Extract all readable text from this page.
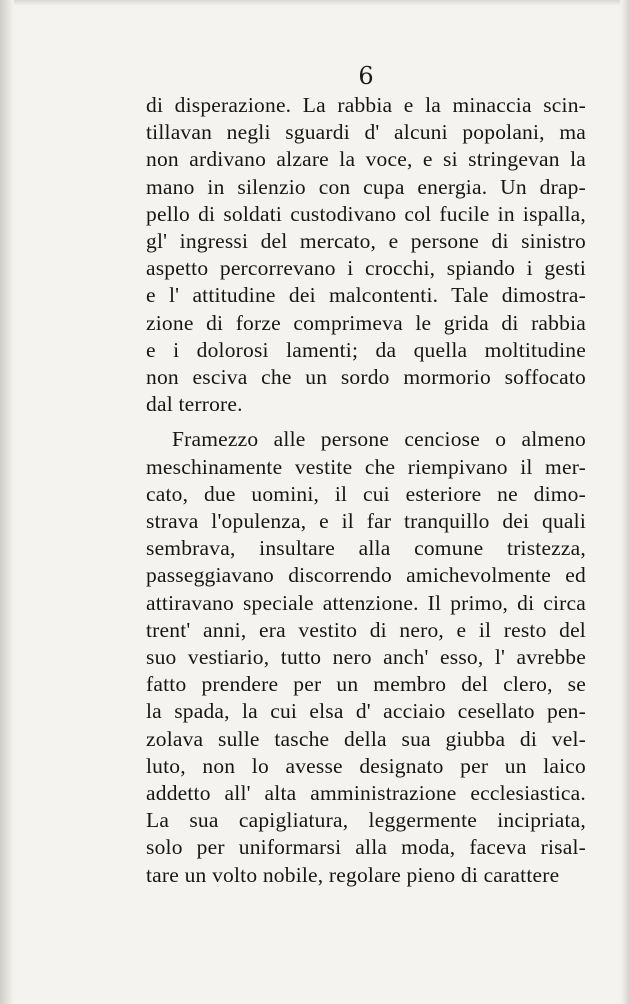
6
di disperazione. La rabbia e la minaccia scin-
tillavan negli sguardi d' alcuni popolani, ma
non ardivano alzare la voce, e si stringevan la
mano in silenzio con cupa energia. Un drap-
pello di soldati custodivano col fucile in ispalla,
gl' ingressi del mercato, e persone di sinistro
aspetto percorrevano i crocchi, spiando i gesti
e l' attitudine dei malcontenti. Tale dimostra-
zione di forze comprimeva le grida di rabbia
e i dolorosi lamenti; da quella moltitudine
non esciva che un sordo mormorio soffocato
dal terrore.
Framezzo alle persone cenciose o almeno
meschinamente vestite che riempivano il mer-
cato, due uomini, il cui esteriore ne dimo-
strava l'opulenza, e il far tranquillo dei quali
sembrava, insultare alla comune tristezza,
passeggiavano discorrendo amichevolmente ed
attiravano speciale attenzione. Il primo, di circa
trent' anni, era vestito di nero, e il resto del
suo vestiario, tutto nero anch' esso, l' avrebbe
fatto prendere per un membro del clero, se
la spada, la cui elsa d' acciaio cesellato pen-
zolava sulle tasche della sua giubba di vel-
luto, non lo avesse designato per un laico
addetto all' alta amministrazione ecclesiastica.
La sua capigliatura, leggermente incipriata,
solo per uniformarsi alla moda, faceva risal-
tare un volto nobile, regolare pieno di carattere
